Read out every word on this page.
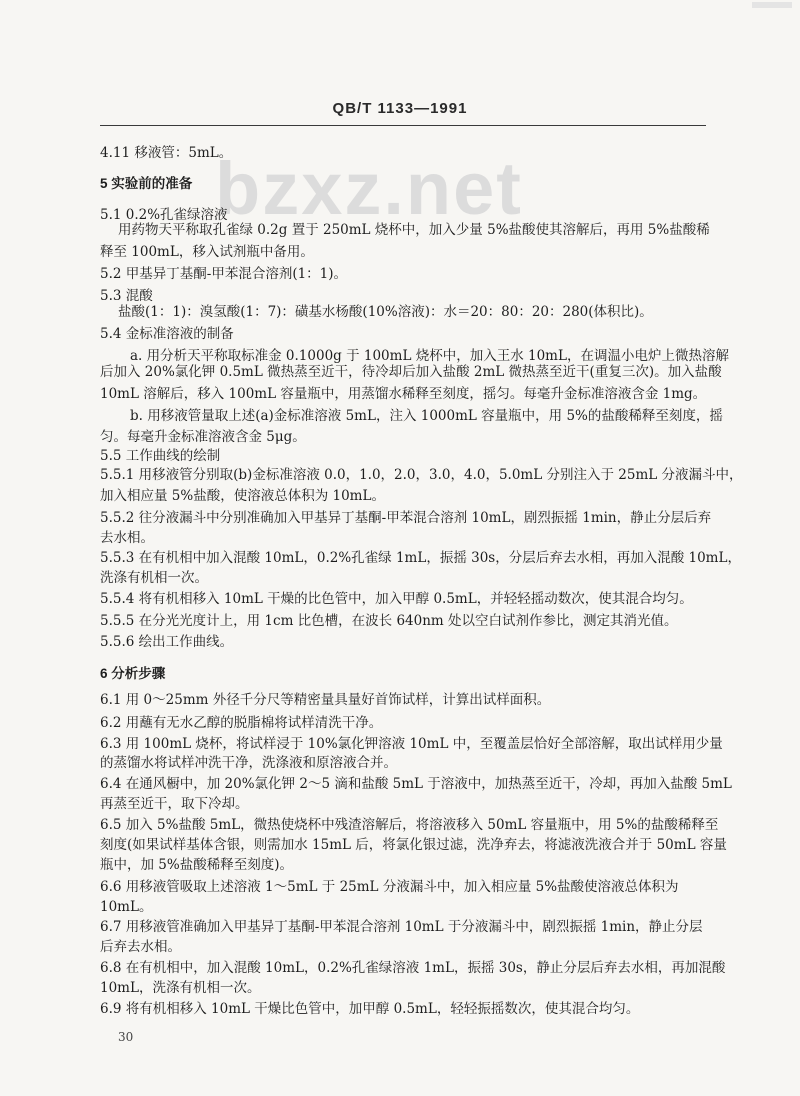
QB/T 1133—1991
bzxz.net
4.11 移液管：5mL。
5 实验前的准备
5.1 0.2%孔雀绿溶液
用药物天平称取孔雀绿 0.2g 置于 250mL 烧杯中，加入少量 5%盐酸使其溶解后，再用 5%盐酸稀
释至 100mL，移入试剂瓶中备用。
5.2 甲基异丁基酮-甲苯混合溶剂(1：1)。
5.3 混酸
盐酸(1：1)：溴氢酸(1：7)：磺基水杨酸(10%溶液)：水＝20：80：20：280(体积比)。
5.4 金标准溶液的制备
a. 用分析天平称取标准金 0.1000g 于 100mL 烧杯中，加入王水 10mL，在调温小电炉上微热溶解
后加入 20%氯化钾 0.5mL 微热蒸至近干，待冷却后加入盐酸 2mL 微热蒸至近干(重复三次)。加入盐酸
10mL 溶解后，移入 100mL 容量瓶中，用蒸馏水稀释至刻度，摇匀。每毫升金标准溶液含金 1mg。
b. 用移液管量取上述(a)金标准溶液 5mL，注入 1000mL 容量瓶中，用 5%的盐酸稀释至刻度，摇
匀。每毫升金标准溶液含金 5μg。
5.5 工作曲线的绘制
5.5.1 用移液管分别取(b)金标准溶液 0.0，1.0，2.0，3.0，4.0，5.0mL 分别注入于 25mL 分液漏斗中，
加入相应量 5%盐酸，使溶液总体积为 10mL。
5.5.2 往分液漏斗中分别准确加入甲基异丁基酮-甲苯混合溶剂 10mL，剧烈振摇 1min，静止分层后弃
去水相。
5.5.3 在有机相中加入混酸 10mL，0.2%孔雀绿 1mL，振摇 30s，分层后弃去水相，再加入混酸 10mL，
洗涤有机相一次。
5.5.4 将有机相移入 10mL 干燥的比色管中，加入甲醇 0.5mL，并轻轻摇动数次，使其混合均匀。
5.5.5 在分光光度计上，用 1cm 比色槽，在波长 640nm 处以空白试剂作参比，测定其消光值。
5.5.6 绘出工作曲线。
6 分析步骤
6.1 用 0～25mm 外径千分尺等精密量具量好首饰试样，计算出试样面积。
6.2 用蘸有无水乙醇的脱脂棉将试样清洗干净。
6.3 用 100mL 烧杯，将试样浸于 10%氯化钾溶液 10mL 中，至覆盖层恰好全部溶解，取出试样用少量
的蒸馏水将试样冲洗干净，洗涤液和原溶液合并。
6.4 在通风橱中，加 20%氯化钾 2～5 滴和盐酸 5mL 于溶液中，加热蒸至近干，冷却，再加入盐酸 5mL
再蒸至近干，取下冷却。
6.5 加入 5%盐酸 5mL，微热使烧杯中残渣溶解后，将溶液移入 50mL 容量瓶中，用 5%的盐酸稀释至
刻度(如果试样基体含银，则需加水 15mL 后，将氯化银过滤，洗净弃去，将滤液洗液合并于 50mL 容量
瓶中，加 5%盐酸稀释至刻度)。
6.6 用移液管吸取上述溶液 1～5mL 于 25mL 分液漏斗中，加入相应量 5%盐酸使溶液总体积为
10mL。
6.7 用移液管准确加入甲基异丁基酮-甲苯混合溶剂 10mL 于分液漏斗中，剧烈振摇 1min，静止分层
后弃去水相。
6.8 在有机相中，加入混酸 10mL，0.2%孔雀绿溶液 1mL，振摇 30s，静止分层后弃去水相，再加混酸
10mL，洗涤有机相一次。
6.9 将有机相移入 10mL 干燥比色管中，加甲醇 0.5mL，轻轻振摇数次，使其混合均匀。
30
